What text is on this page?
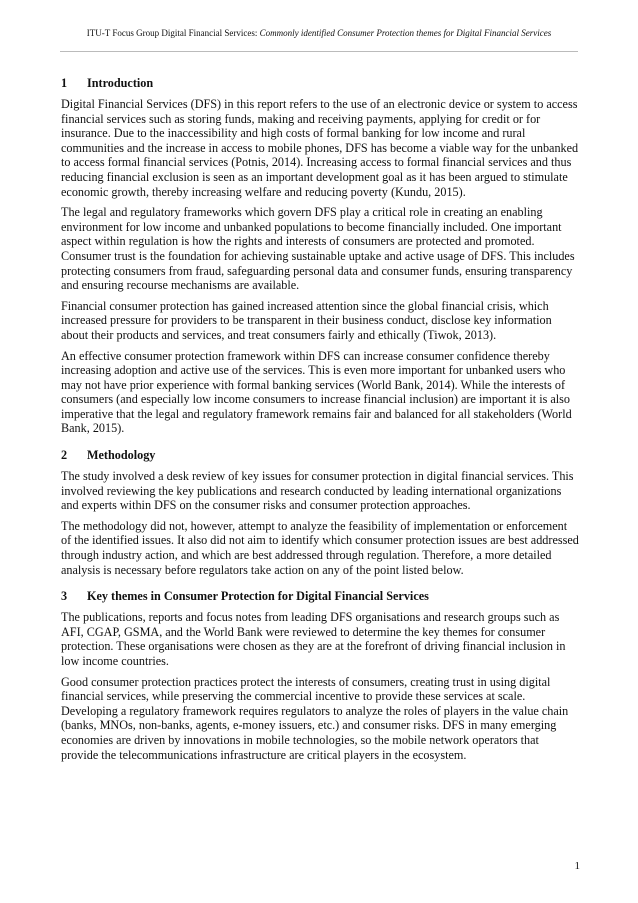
ITU-T Focus Group Digital Financial Services: Commonly identified Consumer Protection themes for Digital Financial Services
1 Introduction

Digital Financial Services (DFS) in this report refers to the use of an electronic device or system to access financial services such as storing funds, making and receiving payments, applying for credit or for insurance. Due to the inaccessibility and high costs of formal banking for low income and rural communities and the increase in access to mobile phones, DFS has become a viable way for the unbanked to access formal financial services (Potnis, 2014). Increasing access to formal financial services and thus reducing financial exclusion is seen as an important development goal as it has been argued to stimulate economic growth, thereby increasing welfare and reducing poverty (Kundu, 2015).

The legal and regulatory frameworks which govern DFS play a critical role in creating an enabling environment for low income and unbanked populations to become financially included. One important aspect within regulation is how the rights and interests of consumers are protected and promoted. Consumer trust is the foundation for achieving sustainable uptake and active usage of DFS. This includes protecting consumers from fraud, safeguarding personal data and consumer funds, ensuring transparency and ensuring recourse mechanisms are available.

Financial consumer protection has gained increased attention since the global financial crisis, which increased pressure for providers to be transparent in their business conduct, disclose key information about their products and services, and treat consumers fairly and ethically (Tiwok, 2013).

An effective consumer protection framework within DFS can increase consumer confidence thereby increasing adoption and active use of the services. This is even more important for unbanked users who may not have prior experience with formal banking services (World Bank, 2014). While the interests of consumers (and especially low income consumers to increase financial inclusion) are important it is also imperative that the legal and regulatory framework remains fair and balanced for all stakeholders (World Bank, 2015).

2 Methodology

The study involved a desk review of key issues for consumer protection in digital financial services. This involved reviewing the key publications and research conducted by leading international organizations and experts within DFS on the consumer risks and consumer protection approaches.

The methodology did not, however, attempt to analyze the feasibility of implementation or enforcement of the identified issues. It also did not aim to identify which consumer protection issues are best addressed through industry action, and which are best addressed through regulation. Therefore, a more detailed analysis is necessary before regulators take action on any of the point listed below.

3 Key themes in Consumer Protection for Digital Financial Services

The publications, reports and focus notes from leading DFS organisations and research groups such as AFI, CGAP, GSMA, and the World Bank were reviewed to determine the key themes for consumer protection. These organisations were chosen as they are at the forefront of driving financial inclusion in low income countries.

Good consumer protection practices protect the interests of consumers, creating trust in using digital financial services, while preserving the commercial incentive to provide these services at scale. Developing a regulatory framework requires regulators to analyze the roles of players in the value chain (banks, MNOs, non-banks, agents, e-money issuers, etc.) and consumer risks. DFS in many emerging economies are driven by innovations in mobile technologies, so the mobile network operators that provide the telecommunications infrastructure are critical players in the ecosystem.

1
